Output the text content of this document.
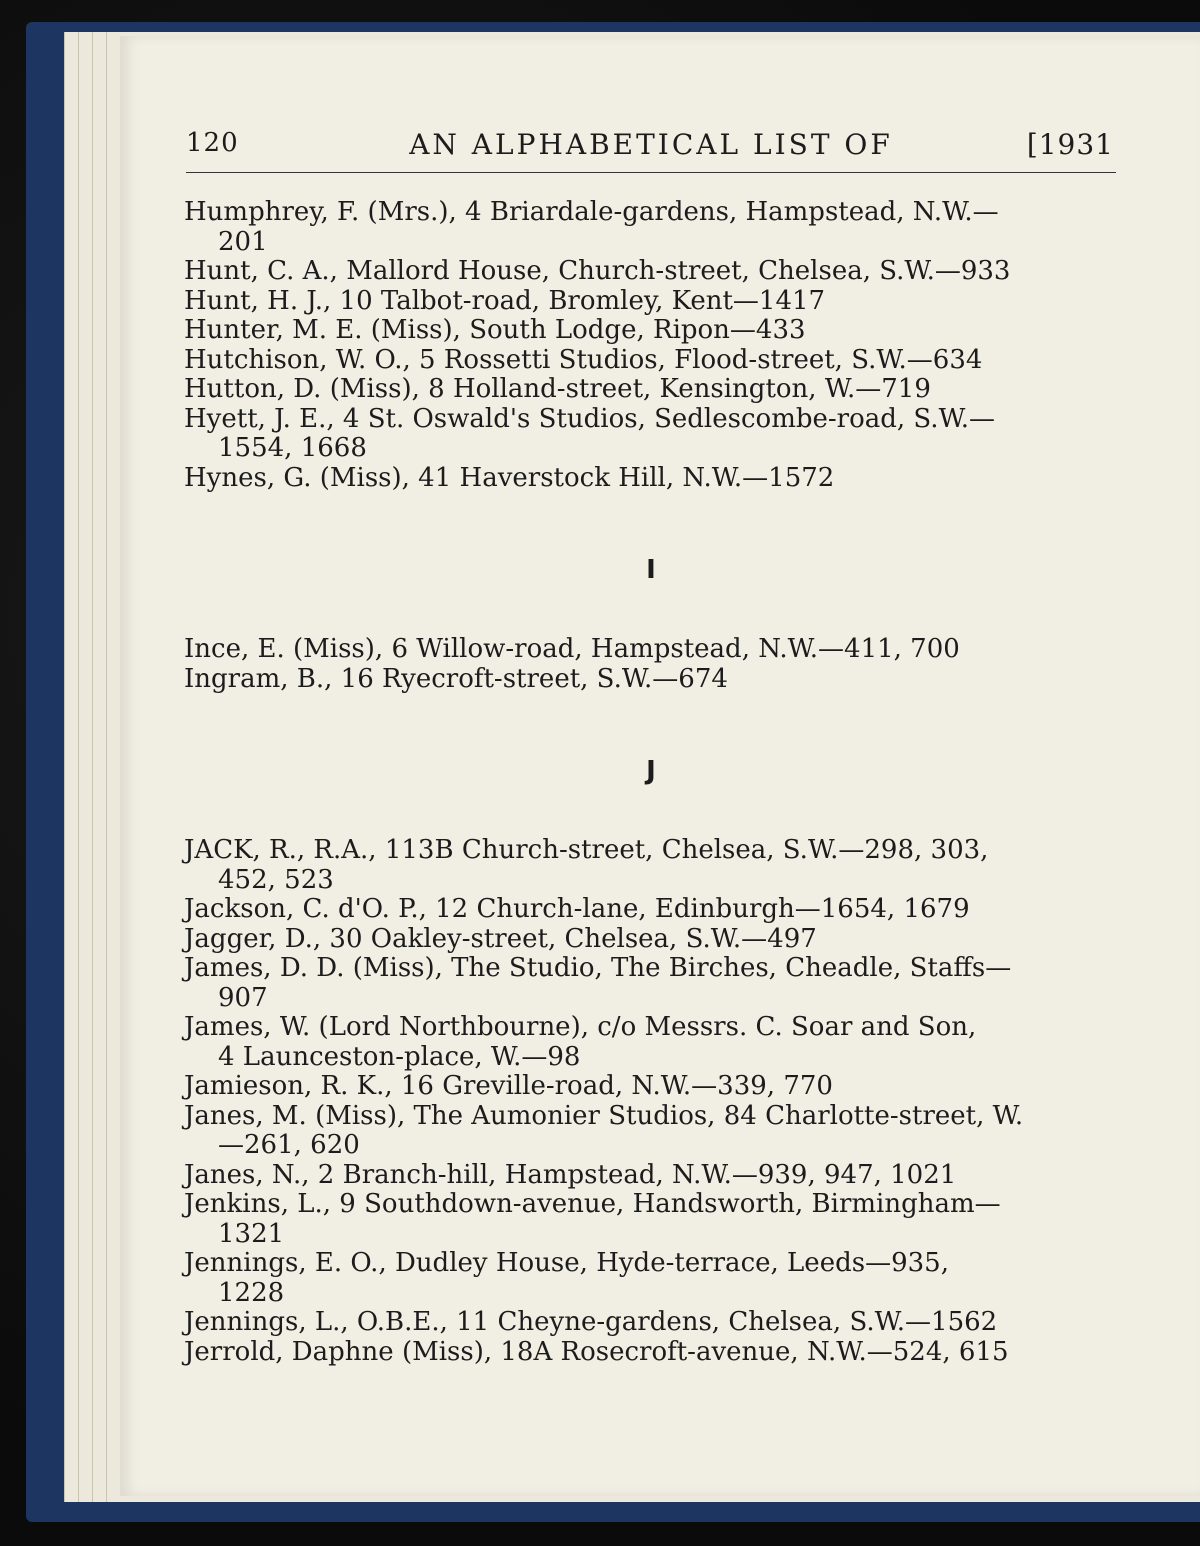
120	AN ALPHABETICAL LIST OF	[1931
Humphrey, F. (Mrs.), 4 Briardale-gardens, Hampstead, N.W.—
201
Hunt, C. A., Mallord House, Church-street, Chelsea, S.W.—933
Hunt, H. J., 10 Talbot-road, Bromley, Kent—1417
Hunter, M. E. (Miss), South Lodge, Ripon—433
Hutchison, W. O., 5 Rossetti Studios, Flood-street, S.W.—634
Hutton, D. (Miss), 8 Holland-street, Kensington, W.—719
Hyett, J. E., 4 St. Oswald's Studios, Sedlescombe-road, S.W.—
1554, 1668
Hynes, G. (Miss), 41 Haverstock Hill, N.W.—1572
I
Ince, E. (Miss), 6 Willow-road, Hampstead, N.W.—411, 700
Ingram, B., 16 Ryecroft-street, S.W.—674
J
JACK, R., R.A., 113B Church-street, Chelsea, S.W.—298, 303,
452, 523
Jackson, C. d'O. P., 12 Church-lane, Edinburgh—1654, 1679
Jagger, D., 30 Oakley-street, Chelsea, S.W.—497
James, D. D. (Miss), The Studio, The Birches, Cheadle, Staffs—
907
James, W. (Lord Northbourne), c/o Messrs. C. Soar and Son,
4 Launceston-place, W.—98
Jamieson, R. K., 16 Greville-road, N.W.—339, 770
Janes, M. (Miss), The Aumonier Studios, 84 Charlotte-street, W.
—261, 620
Janes, N., 2 Branch-hill, Hampstead, N.W.—939, 947, 1021
Jenkins, L., 9 Southdown-avenue, Handsworth, Birmingham—
1321
Jennings, E. O., Dudley House, Hyde-terrace, Leeds—935,
1228
Jennings, L., O.B.E., 11 Cheyne-gardens, Chelsea, S.W.—1562
Jerrold, Daphne (Miss), 18A Rosecroft-avenue, N.W.—524, 615
